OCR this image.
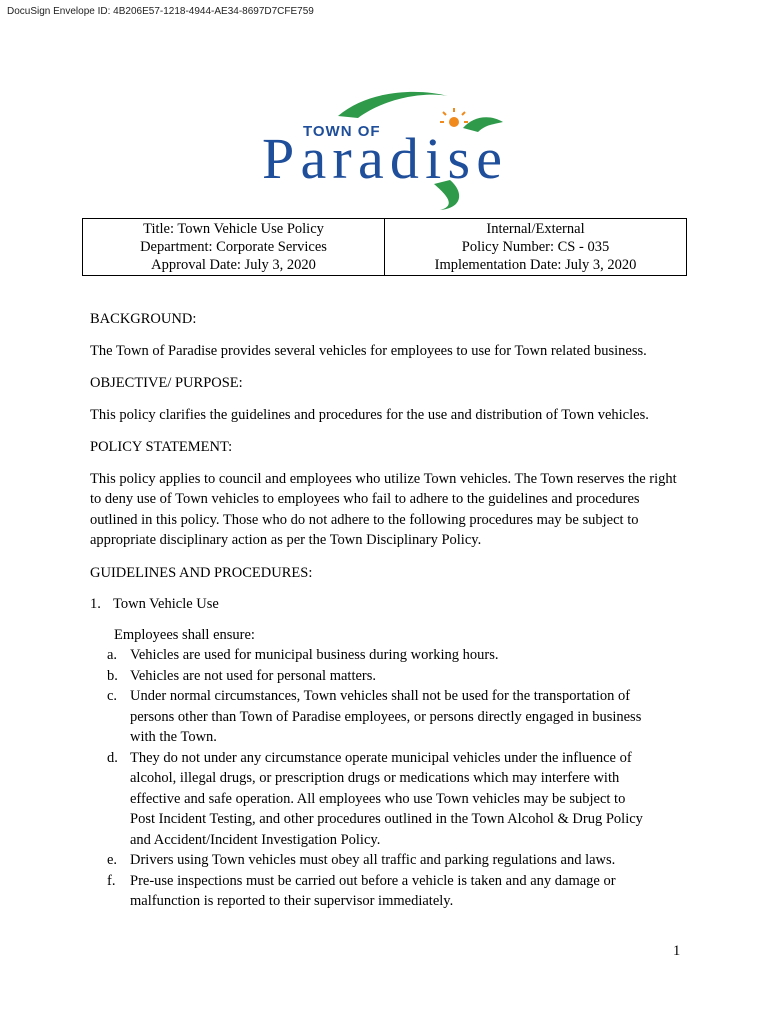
DocuSign Envelope ID: 4B206E57-1218-4944-AE34-8697D7CFE759
TOWN OF
Paradise
Title: Town Vehicle Use Policy
Department: Corporate Services
Approval Date: July 3, 2020

Internal/External
Policy Number: CS - 035
Implementation Date: July 3, 2020

BACKGROUND:

The Town of Paradise provides several vehicles for employees to use for Town related business.

OBJECTIVE/ PURPOSE:

This policy clarifies the guidelines and procedures for the use and distribution of Town vehicles.

POLICY STATEMENT:

This policy applies to council and employees who utilize Town vehicles. The Town reserves the right to deny use of Town vehicles to employees who fail to adhere to the guidelines and procedures outlined in this policy. Those who do not adhere to the following procedures may be subject to appropriate disciplinary action as per the Town Disciplinary Policy.

GUIDELINES AND PROCEDURES:

1. Town Vehicle Use

Employees shall ensure:

a. Vehicles are used for municipal business during working hours.
b. Vehicles are not used for personal matters.
c. Under normal circumstances, Town vehicles shall not be used for the transportation of persons other than Town of Paradise employees, or persons directly engaged in business with the Town.
d. They do not under any circumstance operate municipal vehicles under the influence of alcohol, illegal drugs, or prescription drugs or medications which may interfere with effective and safe operation. All employees who use Town vehicles may be subject to Post Incident Testing, and other procedures outlined in the Town Alcohol & Drug Policy and Accident/Incident Investigation Policy.
e. Drivers using Town vehicles must obey all traffic and parking regulations and laws.
f.	Pre-use inspections must be carried out before a vehicle is taken and any damage or malfunction is reported to their supervisor immediately.
1
